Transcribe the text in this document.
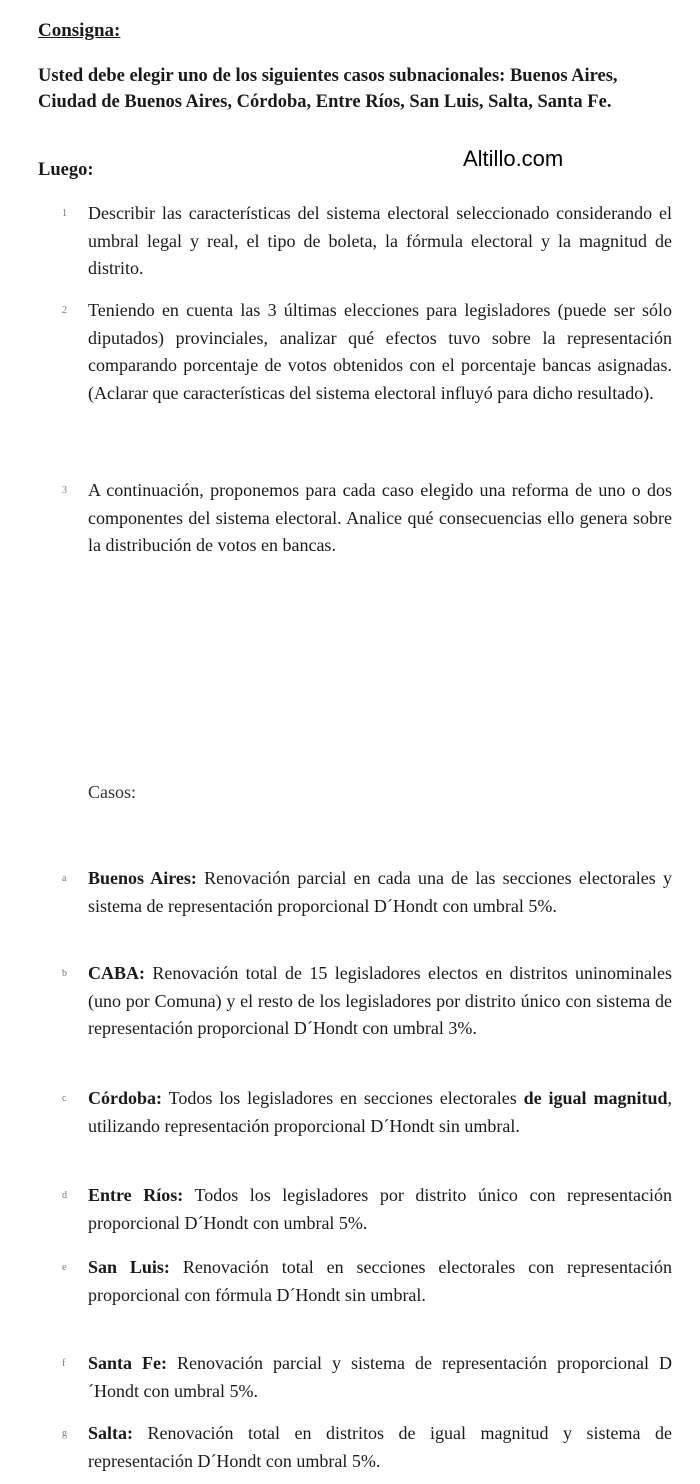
Consigna:
Usted debe elegir uno de los siguientes casos subnacionales: Buenos Aires, Ciudad de Buenos Aires, Córdoba, Entre Ríos, San Luis, Salta, Santa Fe.
Luego:	Altillo.com
1 Describir las características del sistema electoral seleccionado considerando el umbral legal y real, el tipo de boleta, la fórmula electoral y la magnitud de distrito.

2 Teniendo en cuenta las 3 últimas elecciones para legisladores (puede ser sólo diputados) provinciales, analizar qué efectos tuvo sobre la representación comparando porcentaje de votos obtenidos con el porcentaje bancas asignadas. (Aclarar que características del sistema electoral influyó para dicho resultado).

3 A continuación, proponemos para cada caso elegido una reforma de uno o dos componentes del sistema electoral. Analice qué consecuencias ello genera sobre la distribución de votos en bancas.

Casos:
a Buenos Aires: Renovación parcial en cada una de las secciones electorales y sistema de representación proporcional D´Hondt con umbral 5%.

b CABA: Renovación total de 15 legisladores electos en distritos uninominales (uno por Comuna) y el resto de los legisladores por distrito único con sistema de representación proporcional D´Hondt con umbral 3%.

c Córdoba: Todos los legisladores en secciones electorales de igual magnitud, utilizando representación proporcional D´Hondt sin umbral.

d Entre Ríos: Todos los legisladores por distrito único con representación proporcional D´Hondt con umbral 5%.

e San Luis: Renovación total en secciones electorales con representación proporcional con fórmula D´Hondt sin umbral.

f Santa Fe: Renovación parcial y sistema de representación proporcional D´Hondt con umbral 5%.

g Salta: Renovación total en distritos de igual magnitud y sistema de representación D´Hondt con umbral 5%.
